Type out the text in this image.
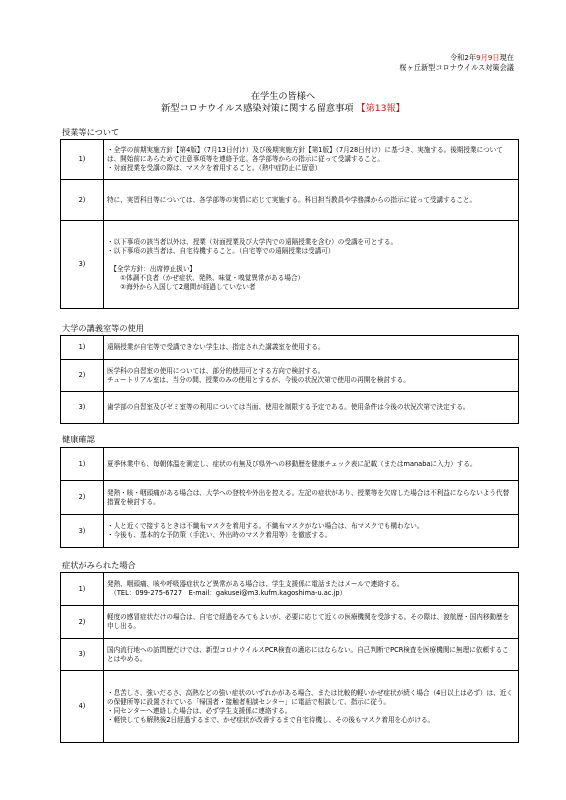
令和2年9月9日現在
桜ヶ丘新型コロナウイルス対策会議
在学生の皆様へ
新型コロナウイルス感染対策に関する留意事項 【第13報】
授業等について
1)	・全学の前期実施方針【第4版】（7月13日付け）及び後期実施方針【第1版】（7月28日付け）に基づき、実施する。後期授業については、開始前にあらためて注意事項等を連絡予定。各学部等からの指示に従って受講すること。
・対面授業を受講の際は、マスクを着用すること。（熱中症防止に留意）
2)	特に、実習科目等については、各学部等の実情に応じて実施する。科目担当教員や学務課からの指示に従って受講すること。
3)	・以下事項の該当者以外は、授業（対面授業及び大学内での遠隔授業を含む）の受講を可とする。
・以下事項の該当者は、自宅待機すること。（自宅等での遠隔授業は受講可）

　【全学方針：出席停止扱い】
　　①体調不良者（かぜ症状、発熱、味覚・嗅覚異常がある場合）
　　②海外から入国して2週間が経過していない者
大学の講義室等の使用
1)	遠隔授業が自宅等で受講できない学生は、指定された講義室を使用する。
2)	医学科の自習室の使用については、部分的使用可とする方向で検討する。
チュートリアル室は、当分の間、授業のみの使用とするが、今後の状況次第で使用の再開を検討する。
3)	歯学部の自習室及びゼミ室等の利用については当面、使用を制限する予定である。使用条件は今後の状況次第で決定する。
健康確認
1)	夏季休業中も、毎朝体温を測定し、症状の有無及び県外への移動歴を健康チェック表に記載（またはmanabaに入力）する。
2)	発熱・咳・咽頭痛がある場合は、大学への登校や外出を控える。左記の症状があり、授業等を欠席した場合は不利益にならないよう代替措置を検討する。
3)	・人と近くで接するときは不織布マスクを着用する。不織布マスクがない場合は、布マスクでも構わない。
・今後も、基本的な予防策（手洗い、外出時のマスク着用等）を徹底する。
症状がみられた場合
1)	発熱、咽頭痛、咳や呼吸器症状など異常がある場合は、学生支援係に電話またはメールで連絡する。
　（TEL：099-275-6727　E-mail：gakusei@m3.kufm.kagoshima-u.ac.jp）
2)	軽度の感冒症状だけの場合は、自宅で経過をみてもよいが、必要に応じて近くの医療機関を受診する。その際は、渡航歴・国内移動歴を申し出る。
3)	国内流行地への訪問歴だけでは、新型コロナウイルスPCR検査の適応にはならない。自己判断でPCR検査を医療機関に無理に依頼することはやめる。
4)	・息苦しさ、強いだるさ、高熱などの強い症状のいずれかがある場合、または比較的軽いかぜ症状が続く場合（4日以上は必ず）は、近くの保健所等に設置されている「帰国者・接触者相談センター」に電話で相談して、指示に従う。
・同センターへ連絡した場合は、必ず学生支援係に連絡する。
・軽快しても解熱後2日経過するまで、かぜ症状が改善するまで自宅待機し、その後もマスク着用を心がける。
